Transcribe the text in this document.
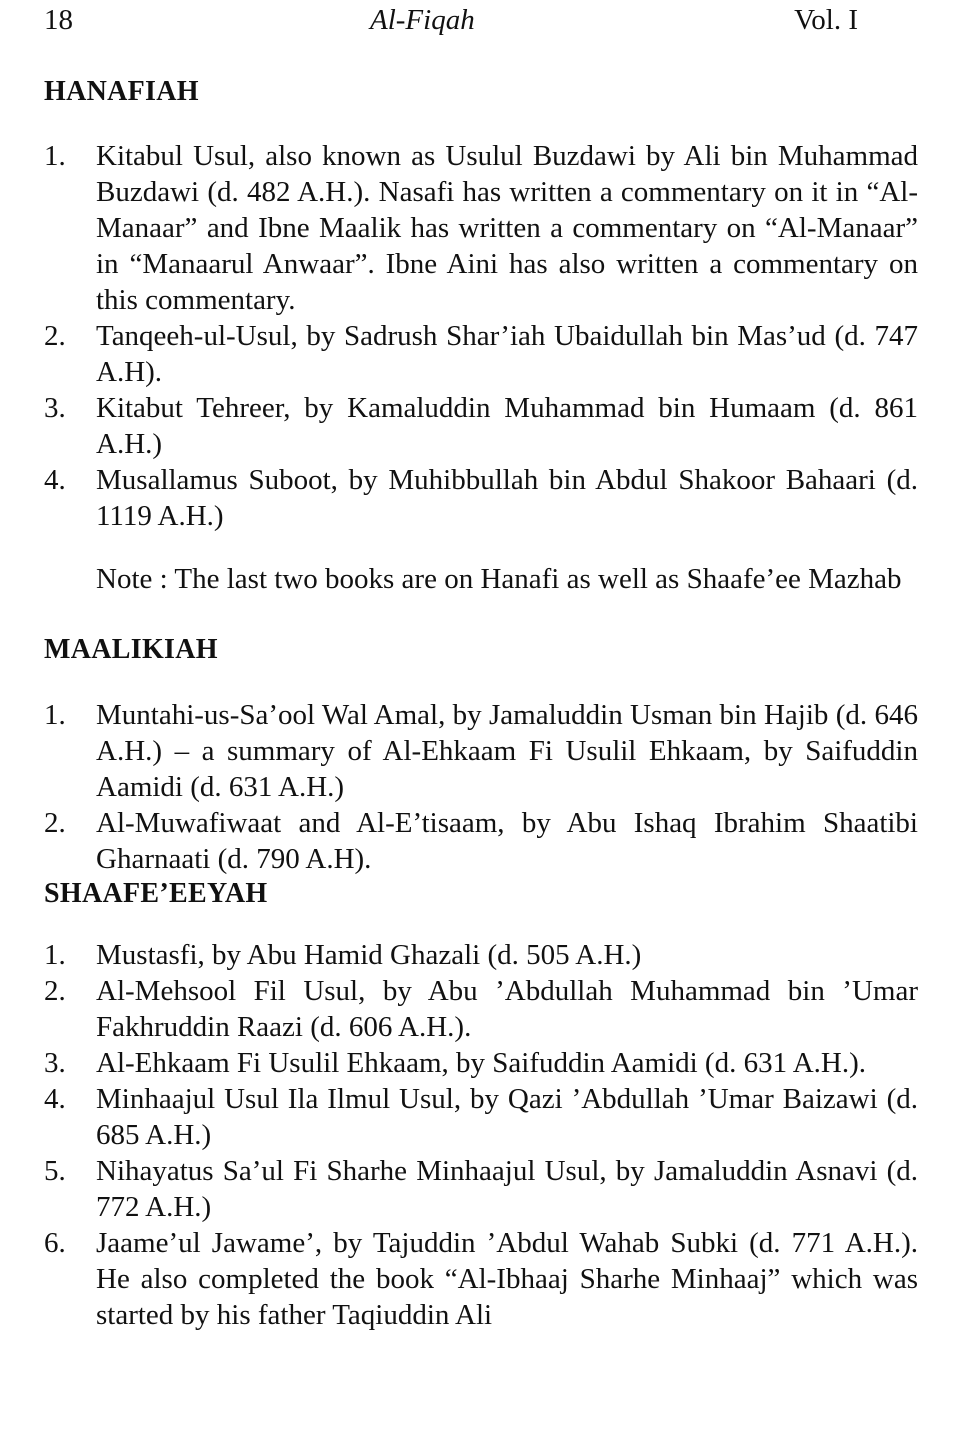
18	Al-Fiqah	Vol. I
HANAFIAH
1. Kitabul Usul, also known as Usulul Buzdawi by Ali bin Muhammad Buzdawi (d. 482 A.H.). Nasafi has written a commentary on it in “Al-Manaar” and Ibne Maalik has written a commentary on “Al-Manaar” in “Manaarul Anwaar”. Ibne Aini has also written a commentary on this commentary.
2. Tanqeeh-ul-Usul, by Sadrush Shar’iah Ubaidullah bin Mas’ud (d. 747 A.H).
3. Kitabut Tehreer, by Kamaluddin Muhammad bin Humaam (d. 861 A.H.)
4. Musallamus Suboot, by Muhibbullah bin Abdul Shakoor Bahaari (d. 1119 A.H.)
Note : The last two books are on Hanafi as well as Shaafe’ee Mazhab
MAALIKIAH
1. Muntahi-us-Sa’ool Wal Amal, by Jamaluddin Usman bin Hajib (d. 646 A.H.) – a summary of Al-Ehkaam Fi Usulil Ehkaam, by Saifuddin Aamidi (d. 631 A.H.)
2. Al-Muwafiwaat and Al-E’tisaam, by Abu Ishaq Ibrahim Shaatibi Gharnaati (d. 790 A.H).
SHAAFE’EEYAH
1. Mustasfi, by Abu Hamid Ghazali (d. 505 A.H.)
2. Al-Mehsool Fil Usul, by Abu ’Abdullah Muhammad bin ’Umar Fakhruddin Raazi (d. 606 A.H.).
3. Al-Ehkaam Fi Usulil Ehkaam, by Saifuddin Aamidi (d. 631 A.H.).
4. Minhaajul Usul Ila Ilmul Usul, by Qazi ’Abdullah ’Umar Baizawi (d. 685 A.H.)
5. Nihayatus Sa’ul Fi Sharhe Minhaajul Usul, by Jamaluddin Asnavi (d. 772 A.H.)
6. Jaame’ul Jawame’, by Tajuddin ’Abdul Wahab Subki (d. 771 A.H.). He also completed the book “Al-Ibhaaj Sharhe Minhaaj” which was started by his father Taqiuddin Ali
